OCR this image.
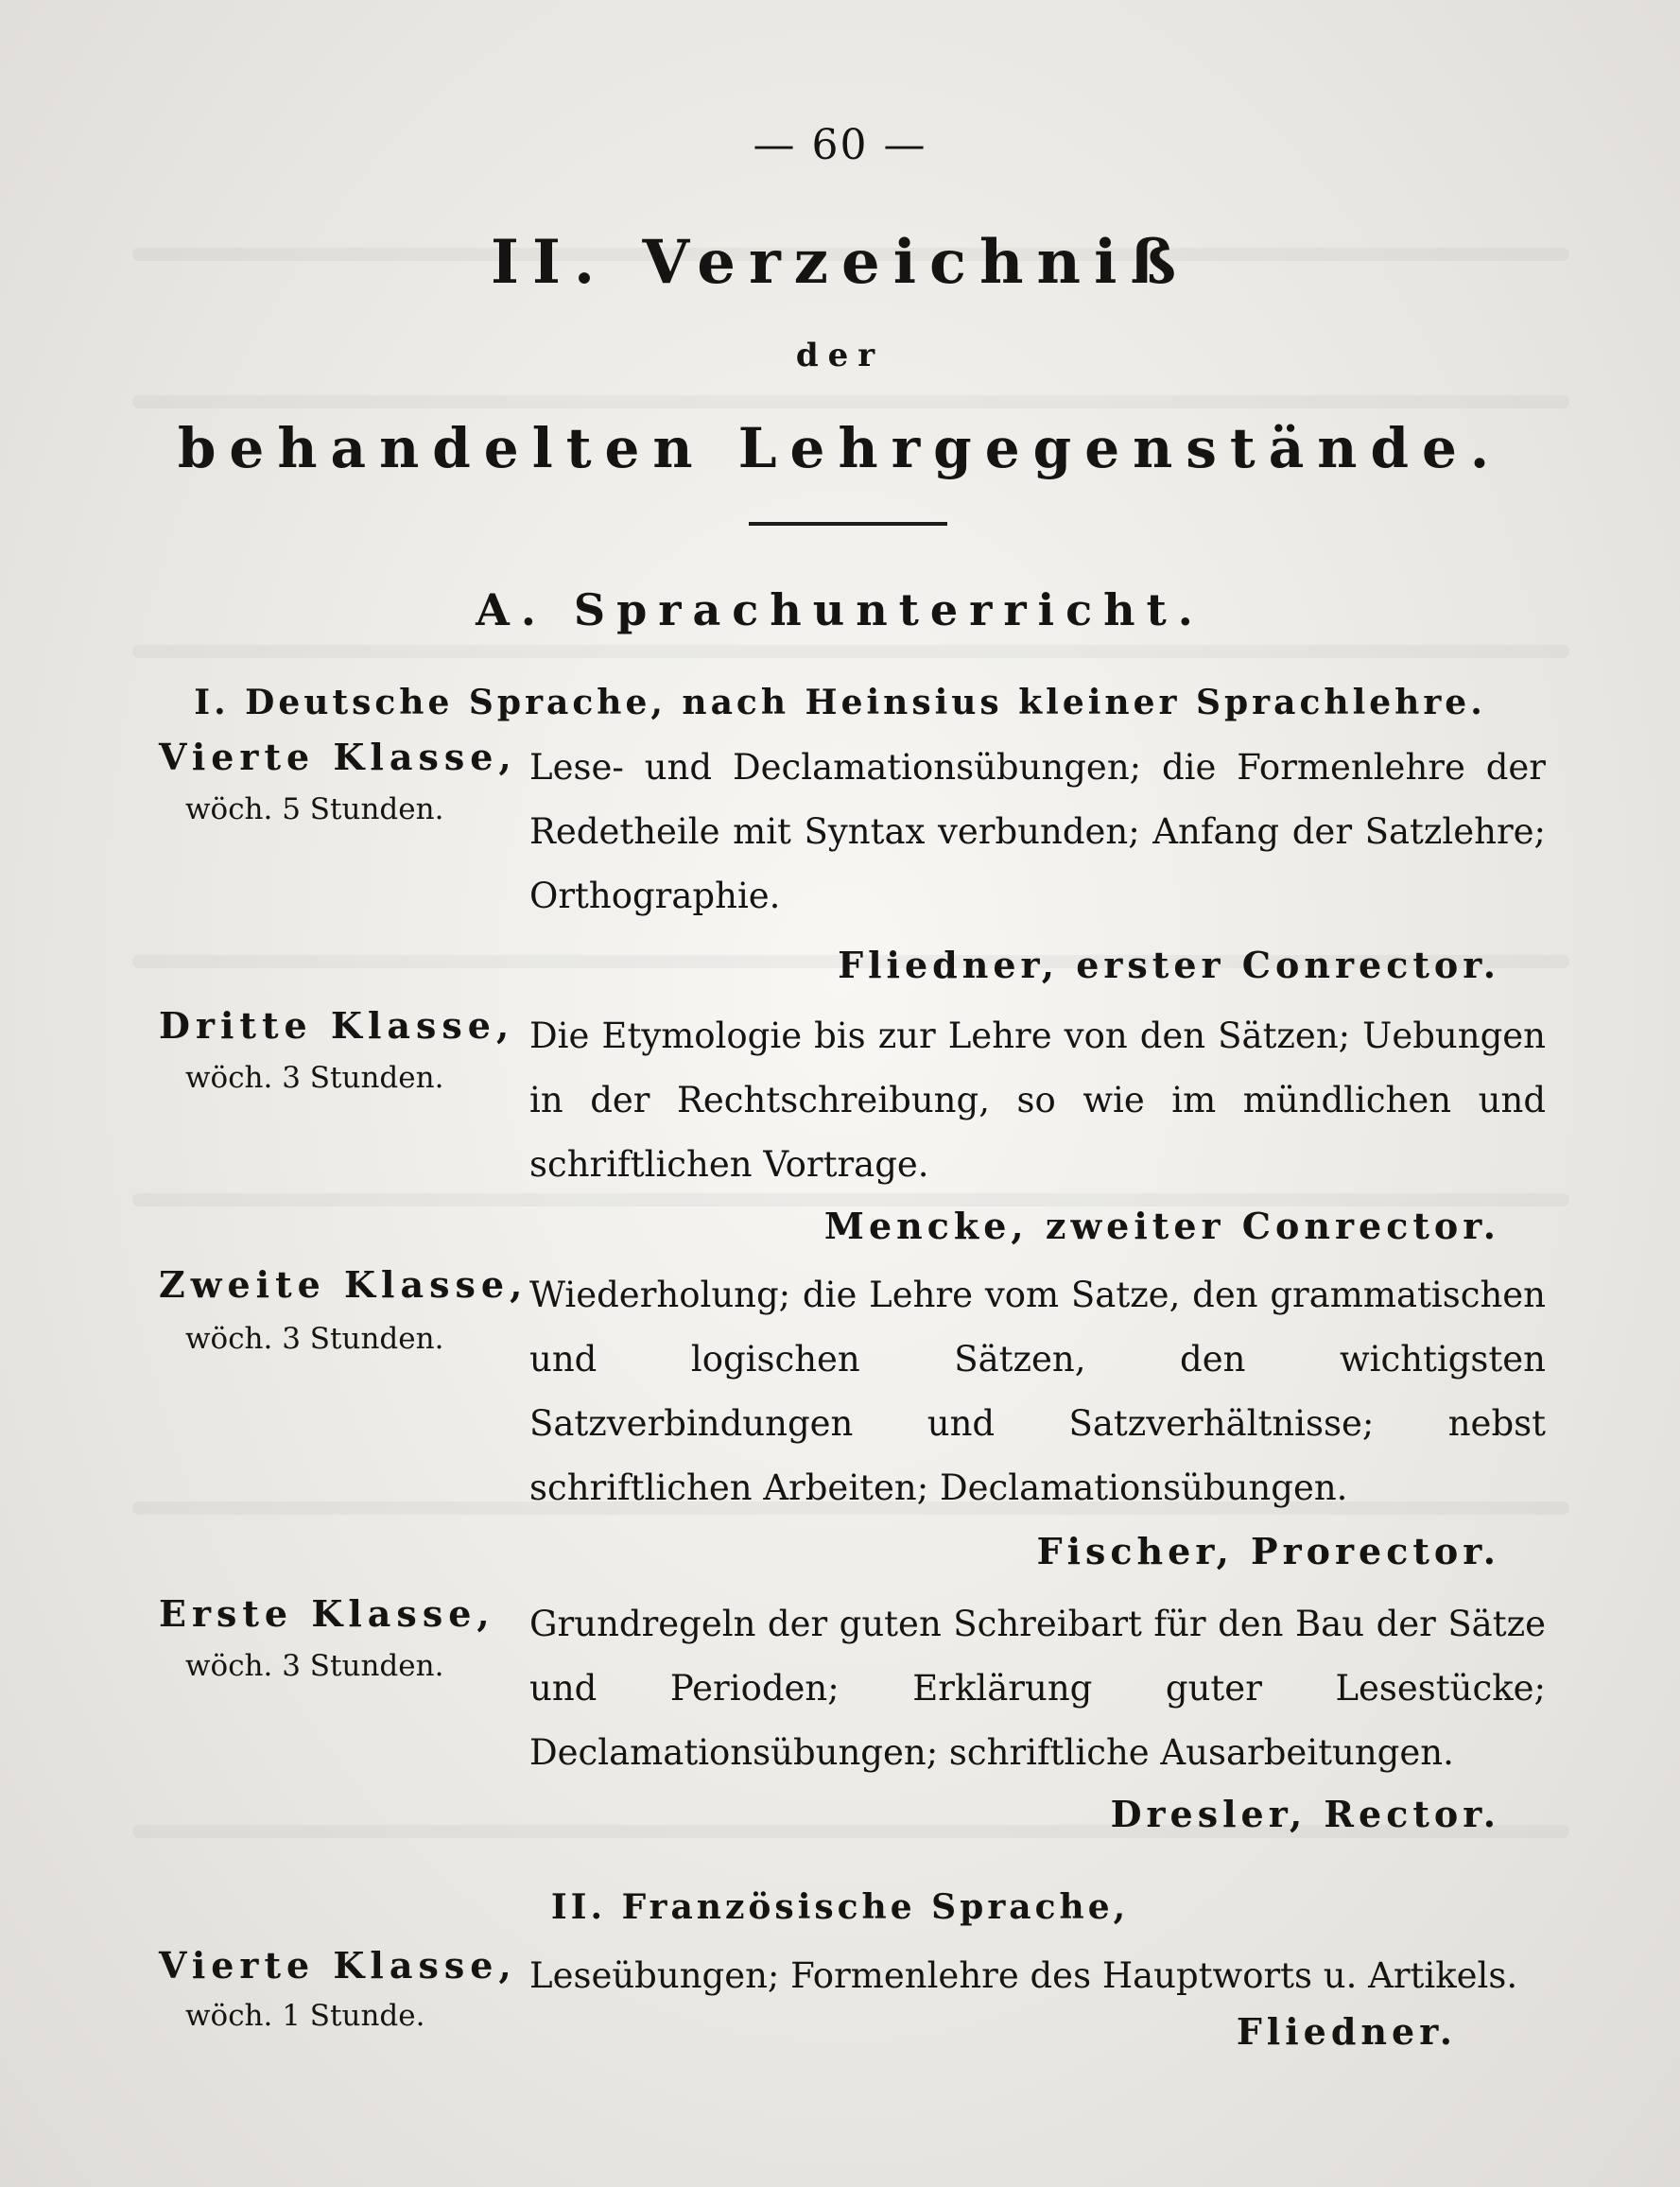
— 60 —
II. Verzeichniß
der
behandelten Lehrgegenstände.
A. Sprachunterricht.
I. Deutsche Sprache, nach Heinsius kleiner Sprachlehre.
Vierte Klasse,
wöch. 5 Stunden.
Lese- und Declamationsübungen; die Formenlehre der Redetheile mit Syntax verbunden; Anfang der Satzlehre; Orthographie.
Fliedner, erster Conrector.
Dritte Klasse,
wöch. 3 Stunden.
Die Etymologie bis zur Lehre von den Sätzen; Uebungen in der Rechtschreibung, so wie im mündlichen und schriftlichen Vortrage.
Mencke, zweiter Conrector.
Zweite Klasse,
wöch. 3 Stunden.
Wiederholung; die Lehre vom Satze, den grammatischen und logischen Sätzen, den wichtigsten Satzverbindungen und Satzverhältnisse; nebst schriftlichen Arbeiten; Declamationsübungen.
Fischer, Prorector.
Erste Klasse,
wöch. 3 Stunden.
Grundregeln der guten Schreibart für den Bau der Sätze und Perioden; Erklärung guter Lesestücke; Declamationsübungen; schriftliche Ausarbeitungen.
Dresler, Rector.
II. Französische Sprache,
Vierte Klasse,
wöch. 1 Stunde.
Leseübungen; Formenlehre des Hauptworts u. Artikels.
Fliedner.
